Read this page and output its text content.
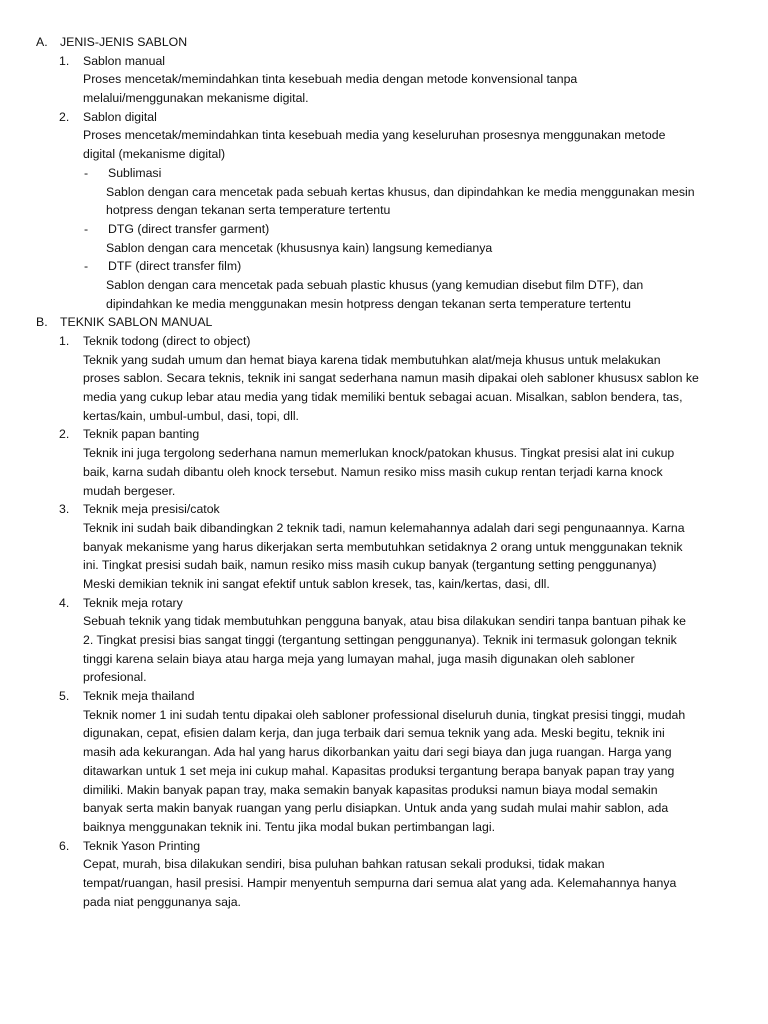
A. JENIS-JENIS SABLON
1. Sablon manual
Proses mencetak/memindahkan tinta kesebuah media dengan metode konvensional tanpa
melalui/menggunakan mekanisme digital.
2. Sablon digital
Proses mencetak/memindahkan tinta kesebuah media yang keseluruhan prosesnya menggunakan metode
digital (mekanisme digital)
- Sublimasi
Sablon dengan cara mencetak pada sebuah kertas khusus, dan dipindahkan ke media menggunakan mesin
hotpress dengan tekanan serta temperature tertentu
- DTG (direct transfer garment)
Sablon dengan cara mencetak (khususnya kain) langsung kemedianya
- DTF (direct transfer film)
Sablon dengan cara mencetak pada sebuah plastic khusus (yang kemudian disebut film DTF), dan
dipindahkan ke media menggunakan mesin hotpress dengan tekanan serta temperature tertentu
B. TEKNIK SABLON MANUAL
1. Teknik todong (direct to object)
Teknik yang sudah umum dan hemat biaya karena tidak membutuhkan alat/meja khusus untuk melakukan
proses sablon. Secara teknis, teknik ini sangat sederhana namun masih dipakai oleh sabloner khususx sablon ke
media yang cukup lebar atau media yang tidak memiliki bentuk sebagai acuan. Misalkan, sablon bendera, tas,
kertas/kain, umbul-umbul, dasi, topi, dll.
2. Teknik papan banting
Teknik ini juga tergolong sederhana namun memerlukan knock/patokan khusus. Tingkat presisi alat ini cukup
baik, karna sudah dibantu oleh knock tersebut. Namun resiko miss masih cukup rentan terjadi karna knock
mudah bergeser.
3. Teknik meja presisi/catok
Teknik ini sudah baik dibandingkan 2 teknik tadi, namun kelemahannya adalah dari segi pengunaannya. Karna
banyak mekanisme yang harus dikerjakan serta membutuhkan setidaknya 2 orang untuk menggunakan teknik
ini. Tingkat presisi sudah baik, namun resiko miss masih cukup banyak (tergantung setting penggunanya)
Meski demikian teknik ini sangat efektif untuk sablon kresek, tas, kain/kertas, dasi, dll.
4. Teknik meja rotary
Sebuah teknik yang tidak membutuhkan pengguna banyak, atau bisa dilakukan sendiri tanpa bantuan pihak ke
2. Tingkat presisi bias sangat tinggi (tergantung settingan penggunanya). Teknik ini termasuk golongan teknik
tinggi karena selain biaya atau harga meja yang lumayan mahal, juga masih digunakan oleh sabloner
profesional.
5. Teknik meja thailand
Teknik nomer 1 ini sudah tentu dipakai oleh sabloner professional diseluruh dunia, tingkat presisi tinggi, mudah
digunakan, cepat, efisien dalam kerja, dan juga terbaik dari semua teknik yang ada. Meski begitu, teknik ini
masih ada kekurangan. Ada hal yang harus dikorbankan yaitu dari segi biaya dan juga ruangan. Harga yang
ditawarkan untuk 1 set meja ini cukup mahal. Kapasitas produksi tergantung berapa banyak papan tray yang
dimiliki. Makin banyak papan tray, maka semakin banyak kapasitas produksi namun biaya modal semakin
banyak serta makin banyak ruangan yang perlu disiapkan. Untuk anda yang sudah mulai mahir sablon, ada
baiknya menggunakan teknik ini. Tentu jika modal bukan pertimbangan lagi.
6. Teknik Yason Printing
Cepat, murah, bisa dilakukan sendiri, bisa puluhan bahkan ratusan sekali produksi, tidak makan
tempat/ruangan, hasil presisi. Hampir menyentuh sempurna dari semua alat yang ada. Kelemahannya hanya
pada niat penggunanya saja.
